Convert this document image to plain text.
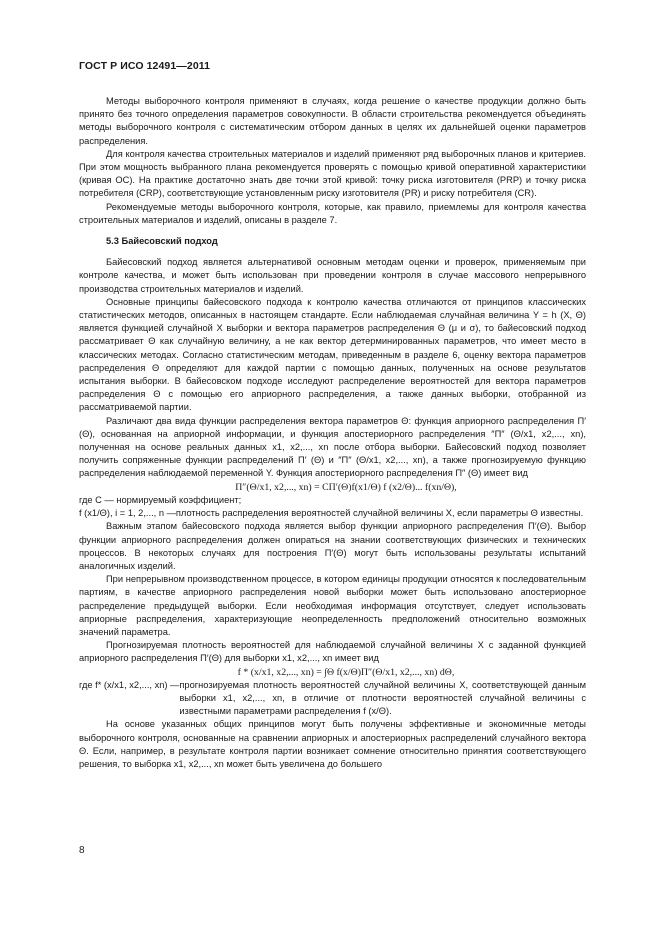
ГОСТ Р ИСО 12491—2011

Методы выборочного контроля применяют в случаях, когда решение о качестве продукции должно быть принято без точного определения параметров совокупности. В области строительства рекомендуется объединять методы выборочного контроля с систематическим отбором данных в целях их дальнейшей оценки параметров распределения.

Для контроля качества строительных материалов и изделий применяют ряд выборочных планов и критериев. При этом мощность выбранного плана рекомендуется проверять с помощью кривой оперативной характеристики (кривая ОС). На практике достаточно знать две точки этой кривой: точку риска изготовителя (PRP) и точку риска потребителя (CRP), соответствующие установленным риску изготовителя (PR) и риску потребителя (CR).

Рекомендуемые методы выборочного контроля, которые, как правило, приемлемы для контроля качества строительных материалов и изделий, описаны в разделе 7.

5.3 Байесовский подход

Байесовский подход является альтернативой основным методам оценки и проверок, применяемым при контроле качества, и может быть использован при проведении контроля в случае массового непрерывного производства строительных материалов и изделий.

Основные принципы байесовского подхода к контролю качества отличаются от принципов классических статистических методов, описанных в настоящем стандарте. Если наблюдаемая случайная величина Y = h (X, Θ) является функцией случайной X выборки и вектора параметров распределения Θ (μ и σ), то байесовский подход рассматривает Θ как случайную величину, а не как вектор детерминированных параметров, что имеет место в классических методах. Согласно статистическим методам, приведенным в разделе 6, оценку вектора параметров распределения Θ определяют для каждой партии с помощью данных, полученных на основе результатов испытания выборки. В байесовском подходе исследуют распределение вероятностей для вектора параметров распределения Θ с помощью его априорного распределения, а также данных выборки, отобранной из рассматриваемой партии.

Различают два вида функции распределения вектора параметров Θ: функция априорного распределения Π′ (Θ), основанная на априорной информации, и функция апостериорного распределения ″Π″ (Θ/x1, x2,..., xn), полученная на основе реальных данных x1, x2,..., xn после отбора выборки. Байесовский подход позволяет получить сопряженные функции распределений Π′ (Θ) и ″Π″ (Θ/x1, x2,..., xn), а также прогнозируемую функцию распределения наблюдаемой переменной Y. Функция апостериорного распределения Π″ (Θ) имеет вид

Π″(Θ/x1, x2,..., xn) = CΠ′(Θ)f(x1/Θ) f (x2/Θ)... f(xn/Θ),

где C — нормируемый коэффициент;

f (x1/Θ), i = 1, 2,..., n — плотность распределения вероятностей случайной величины X, если параметры Θ известны.

Важным этапом байесовского подхода является выбор функции априорного распределения Π′(Θ). Выбор функции априорного распределения должен опираться на знании соответствующих физических и технических процессов. В некоторых случаях для построения Π′(Θ) могут быть использованы результаты испытаний аналогичных изделий.

При непрерывном производственном процессе, в котором единицы продукции относятся к последовательным партиям, в качестве априорного распределения новой выборки может быть использовано апостериорное распределение предыдущей выборки. Если необходимая информация отсутствует, следует использовать априорные распределения, характеризующие неопределенность предположений относительно возможных значений параметра.

Прогнозируемая плотность вероятностей для наблюдаемой случайной величины X с заданной функцией априорного распределения Π′(Θ) для выборки x1, x2,..., xn имеет вид

f * (x/x1, x2,..., xn) = ∫Θ f(x/Θ)Π″(Θ/x1, x2,..., xn) dΘ,

где f* (x/x1, x2,..., xn) — прогнозируемая плотность вероятностей случайной величины X, соответствующей данным выборки x1, x2,..., xn, в отличие от плотности вероятностей случайной величины с известными параметрами распределения f (x/Θ).

На основе указанных общих принципов могут быть получены эффективные и экономичные методы выборочного контроля, основанные на сравнении априорных и апостериорных распределений случайного вектора Θ. Если, например, в результате контроля партии возникает сомнение относительно принятия соответствующего решения, то выборка x1, x2,..., xn может быть увеличена до большего

8
